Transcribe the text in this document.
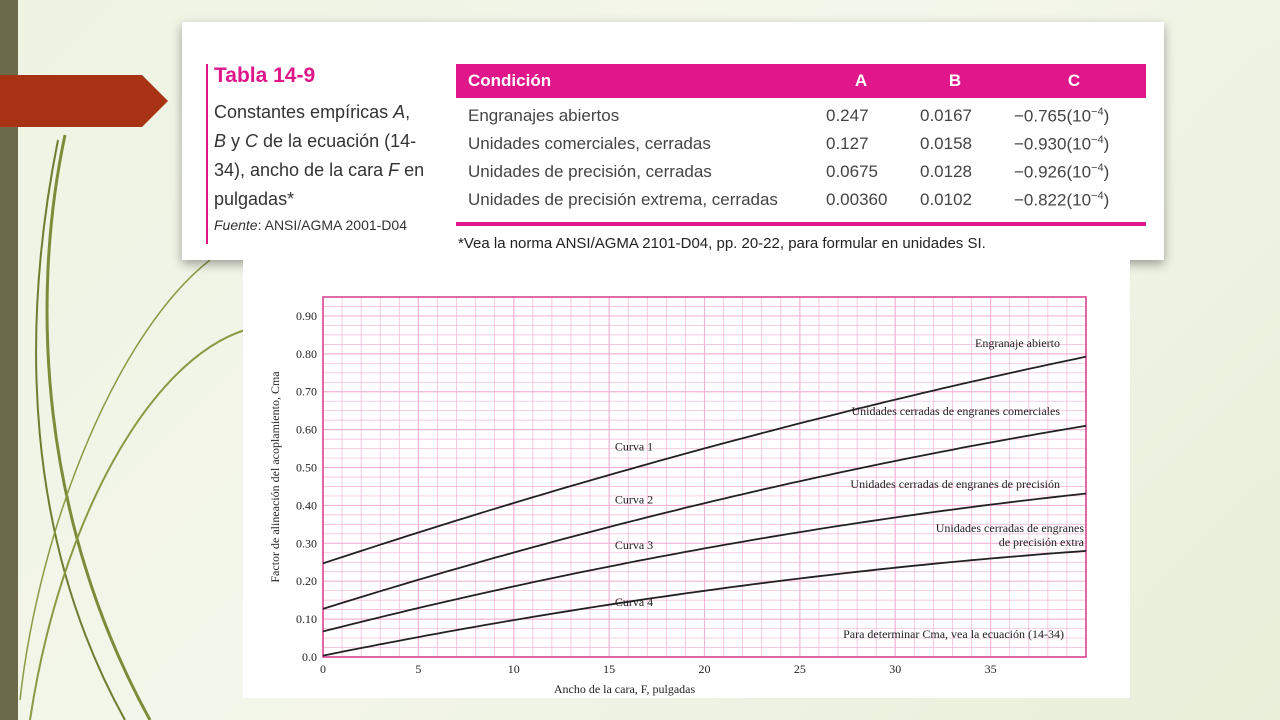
Tabla 14-9
Constantes empíricas A,
B y C de la ecuación (14-34), ancho de la cara F en pulgadas*
Fuente: ANSI/AGMA 2001-D04
Condición	A	B	C
Engranajes abiertos	0.247	0.0167	$-0.765(10^{-4})$
Unidades comerciales, cerradas	0.127	0.0158	$-0.930(10^{-4})$
Unidades de precisión, cerradas	0.0675	0.0128	$-0.926(10^{-4})$
Unidades de precisión extrema, cerradas	0.00360	0.0102	$-0.822(10^{-4})$
*Vea la norma ANSI/AGMA 2101-D04, pp. 20-22, para formular en unidades SI.
0	5	10	15	20	25	30	35
0.0
0.10
0.20
0.30
0.40
0.50
0.60
0.70
0.80
0.90
Ancho de la cara, F, pulgadas
Factor de alineación del acoplamiento, Cma	Curva 1
Engranaje abierto
Curva 2
Unidades cerradas de engranes comerciales
Curva 3
Unidades cerradas de engranes de precisión
Curva 4
Unidades cerradas de engranes
de precisión extra
Para determinar Cma, vea la ecuación (14-34)
